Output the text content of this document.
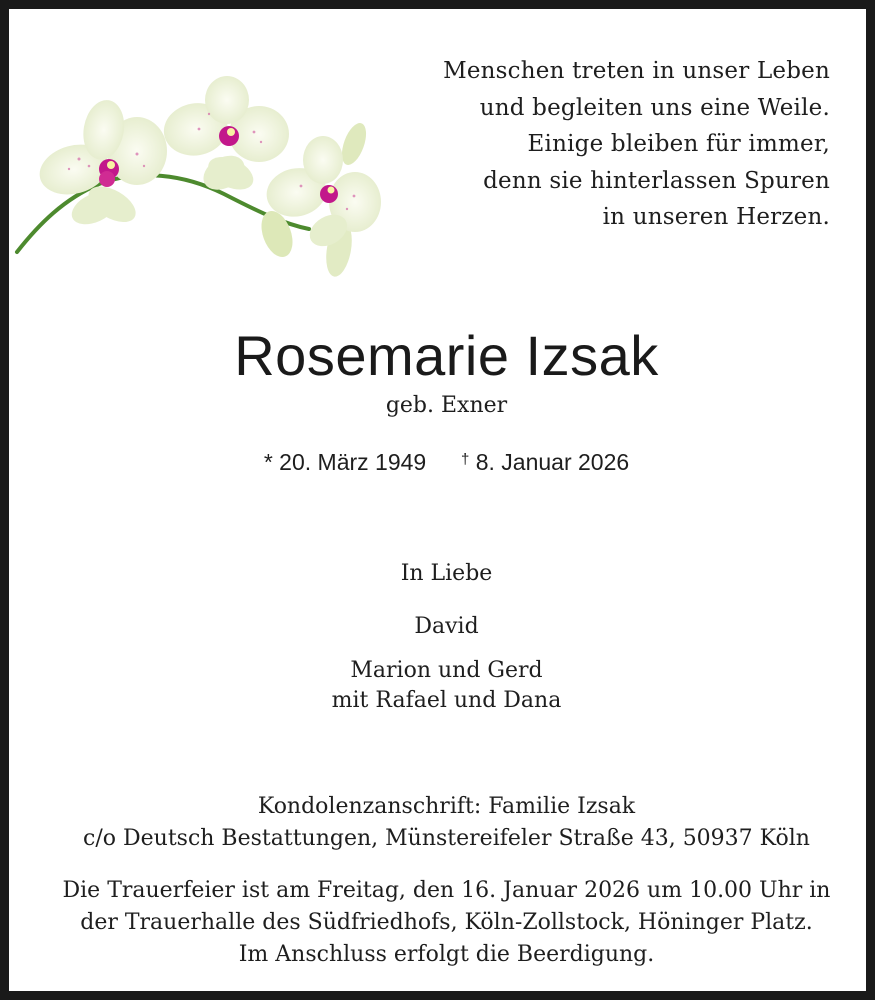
Menschen treten in unser Leben
und begleiten uns eine Weile.
Einige bleiben für immer,
denn sie hinterlassen Spuren
in unseren Herzen.
Rosemarie Izsak
geb. Exner
* 20. März 1949 † 8. Januar 2026
In Liebe
David
Marion und Gerd
mit Rafael und Dana
Kondolenzanschrift: Familie Izsak
c/o Deutsch Bestattungen, Münstereifeler Straße 43, 50937 Köln
Die Trauerfeier ist am Freitag, den 16. Januar 2026 um 10.00 Uhr in
der Trauerhalle des Südfriedhofs, Köln-Zollstock, Höninger Platz.
Im Anschluss erfolgt die Beerdigung.
